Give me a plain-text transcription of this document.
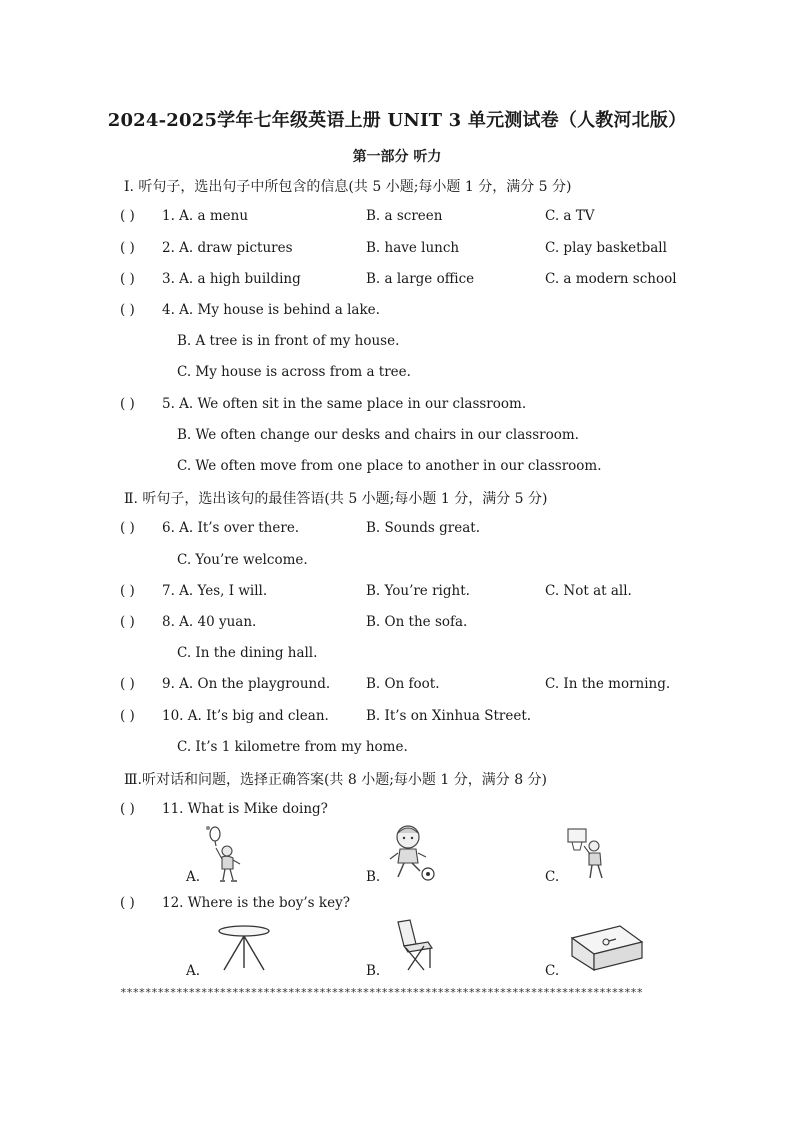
2024-2025学年七年级英语上册 UNIT 3 单元测试卷（人教河北版）
第一部分 听力
Ⅰ. 听句子，选出句子中所包含的信息(共 5 小题;每小题 1 分，满分 5 分)
( ) 1. A. a menu	B. a screen	C. a TV
( ) 2. A. draw pictures	B. have lunch	C. play basketball
( ) 3. A. a high building	B. a large office	C. a modern school
( ) 4. A. My house is behind a lake.
B. A tree is in front of my house.
C. My house is across from a tree.
( ) 5. A. We often sit in the same place in our classroom.
B. We often change our desks and chairs in our classroom.
C. We often move from one place to another in our classroom.
Ⅱ. 听句子，选出该句的最佳答语(共 5 小题;每小题 1 分，满分 5 分)
( ) 6. A. It’s over there.	B. Sounds great.
C. You’re welcome.
( ) 7. A. Yes, I will.	B. You’re right.	C. Not at all.
( ) 8. A. 40 yuan.	B. On the sofa.
C. In the dining hall.
( ) 9. A. On the playground.	B. On foot.	C. In the morning.
( ) 10. A. It’s big and clean.	B. It’s on Xinhua Street.
C. It’s 1 kilometre from my home.
Ⅲ.听对话和问题，选择正确答案(共 8 小题;每小题 1 分，满分 8 分)
( ) 11. What is Mike doing?
A.	B.	C.
( ) 12. Where is the boy’s key?
A.	B.	C.
************************************************************************************
